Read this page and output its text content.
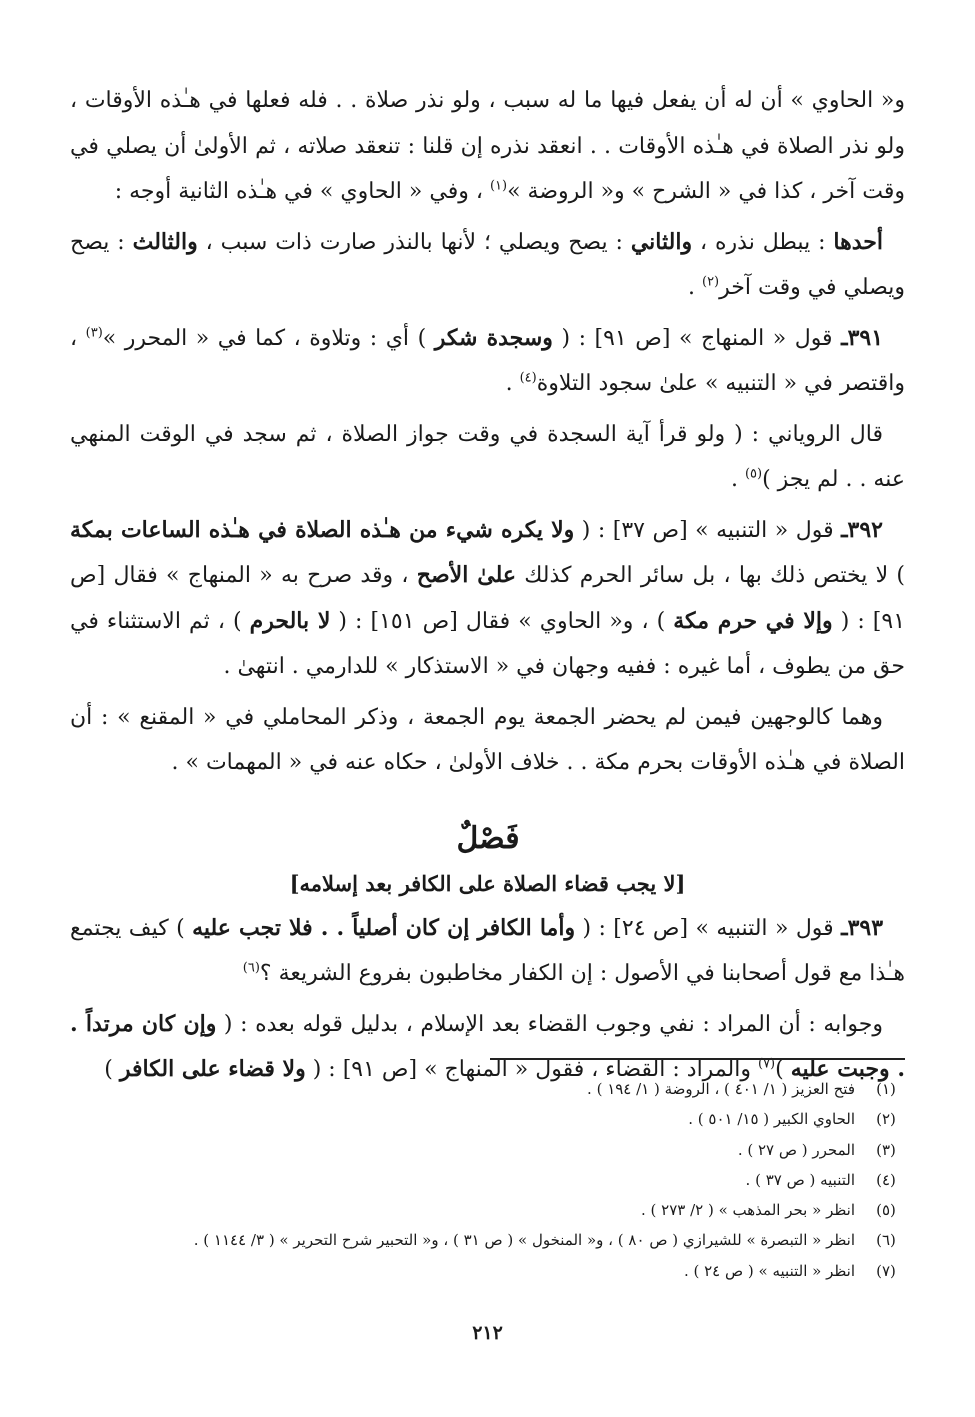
و« الحاوي » أن له أن يفعل فيها ما له سبب ، ولو نذر صلاة . . فله فعلها في هـٰذه الأوقات ، ولو نذر الصلاة في هـٰذه الأوقات . . انعقد نذره إن قلنا : تنعقد صلاته ، ثم الأولىٰ أن يصلي في وقت آخر ، كذا في « الشرح » و« الروضة »$^{(١)}$ ، وفي « الحاوي » في هـٰذه الثانية أوجه :

أحدها : يبطل نذره ، والثاني : يصح ويصلي ؛ لأنها بالنذر صارت ذات سبب ، والثالث : يصح ويصلي في وقت آخر$^{(٢)}$ .

٣٩١ـ قول « المنهاج » [ص ٩١] : ( وسجدة شكر ) أي : وتلاوة ، كما في « المحرر »$^{(٣)}$ ، واقتصر في « التنبيه » علىٰ سجود التلاوة$^{(٤)}$ .

قال الروياني : ( ولو قرأ آية السجدة في وقت جواز الصلاة ، ثم سجد في الوقت المنهي عنه . . لم يجز )$^{(٥)}$ .

٣٩٢ـ قول « التنبيه » [ص ٣٧] : ( ولا يكره شيء من هـٰذه الصلاة في هـٰذه الساعات بمكة ) لا يختص ذلك بها ، بل سائر الحرم كذلك علىٰ الأصح ، وقد صرح به « المنهاج » فقال [ص ٩١] : ( وإلا في حرم مكة ) ، و« الحاوي » فقال [ص ١٥١] : ( لا بالحرم ) ، ثم الاستثناء في حق من يطوف ، أما غيره : ففيه وجهان في « الاستذكار » للدارمي . انتهىٰ .

وهما كالوجهين فيمن لم يحضر الجمعة يوم الجمعة ، وذكر المحاملي في « المقنع » : أن الصلاة في هـٰذه الأوقات بحرم مكة . . خلاف الأولىٰ ، حكاه عنه في « المهمات » .

فَصْلٌ
[لا يجب قضاء الصلاة على الكافر بعد إسلامه]

٣٩٣ـ قول « التنبيه » [ص ٢٤] : ( وأما الكافر إن كان أصلياً . . فلا تجب عليه ) كيف يجتمع هـٰذا مع قول أصحابنا في الأصول : إن الكفار مخاطبون بفروع الشريعة ؟$^{(٦)}$

وجوابه : أن المراد : نفي وجوب القضاء بعد الإسلام ، بدليل قوله بعده : ( وإن كان مرتداً . . وجبت عليه )$^{(٧)}$ والمراد : القضاء ، فقول « المنهاج » [ص ٩١] : ( ولا قضاء على الكافر )

(١)
فتح العزيز ( ١/ ٤٠١ ) ، الروضة ( ١/ ١٩٤ ) .
(٢)
الحاوي الكبير ( ١٥/ ٥٠١ ) .
(٣)
المحرر ( ص ٢٧ ) .
(٤)
التنبيه ( ص ٣٧ ) .
(٥)
انظر « بحر المذهب » ( ٢/ ٢٧٣ ) .
(٦)
انظر « التبصرة » للشيرازي ( ص ٨٠ ) ، و« المنخول » ( ص ٣١ ) ، و« التحبير شرح التحرير » ( ٣/ ١١٤٤ ) .
(٧)
انظر « التنبيه » ( ص ٢٤ ) .
٢١٢
